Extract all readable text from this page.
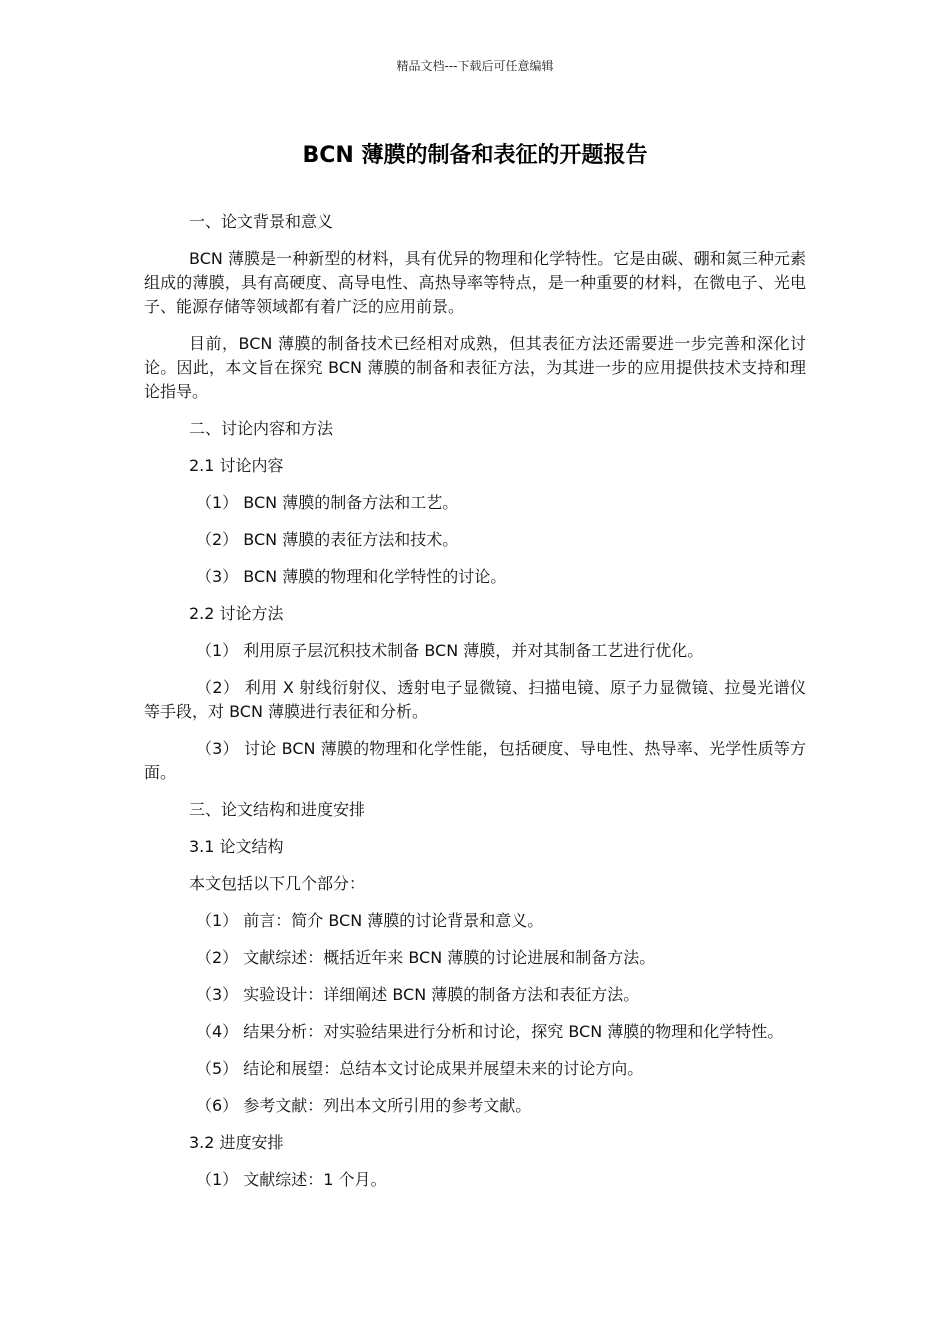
精品文档---下载后可任意编辑
BCN 薄膜的制备和表征的开题报告

一、论文背景和意义

BCN 薄膜是一种新型的材料，具有优异的物理和化学特性。它是由碳、硼和氮三种元素组成的薄膜，具有高硬度、高导电性、高热导率等特点，是一种重要的材料，在微电子、光电子、能源存储等领域都有着广泛的应用前景。

目前，BCN 薄膜的制备技术已经相对成熟，但其表征方法还需要进一步完善和深化讨论。因此，本文旨在探究 BCN 薄膜的制备和表征方法，为其进一步的应用提供技术支持和理论指导。

二、讨论内容和方法

2.1 讨论内容

（1） BCN 薄膜的制备方法和工艺。

（2） BCN 薄膜的表征方法和技术。

（3） BCN 薄膜的物理和化学特性的讨论。

2.2 讨论方法

（1） 利用原子层沉积技术制备 BCN 薄膜，并对其制备工艺进行优化。

（2） 利用 X 射线衍射仪、透射电子显微镜、扫描电镜、原子力显微镜、拉曼光谱仪等手段，对 BCN 薄膜进行表征和分析。

（3） 讨论 BCN 薄膜的物理和化学性能，包括硬度、导电性、热导率、光学性质等方面。

三、论文结构和进度安排

3.1 论文结构

本文包括以下几个部分：

（1） 前言：简介 BCN 薄膜的讨论背景和意义。

（2） 文献综述：概括近年来 BCN 薄膜的讨论进展和制备方法。

（3） 实验设计：详细阐述 BCN 薄膜的制备方法和表征方法。

（4） 结果分析：对实验结果进行分析和讨论，探究 BCN 薄膜的物理和化学特性。

（5） 结论和展望：总结本文讨论成果并展望未来的讨论方向。

（6） 参考文献：列出本文所引用的参考文献。

3.2 进度安排

（1） 文献综述：1 个月。
